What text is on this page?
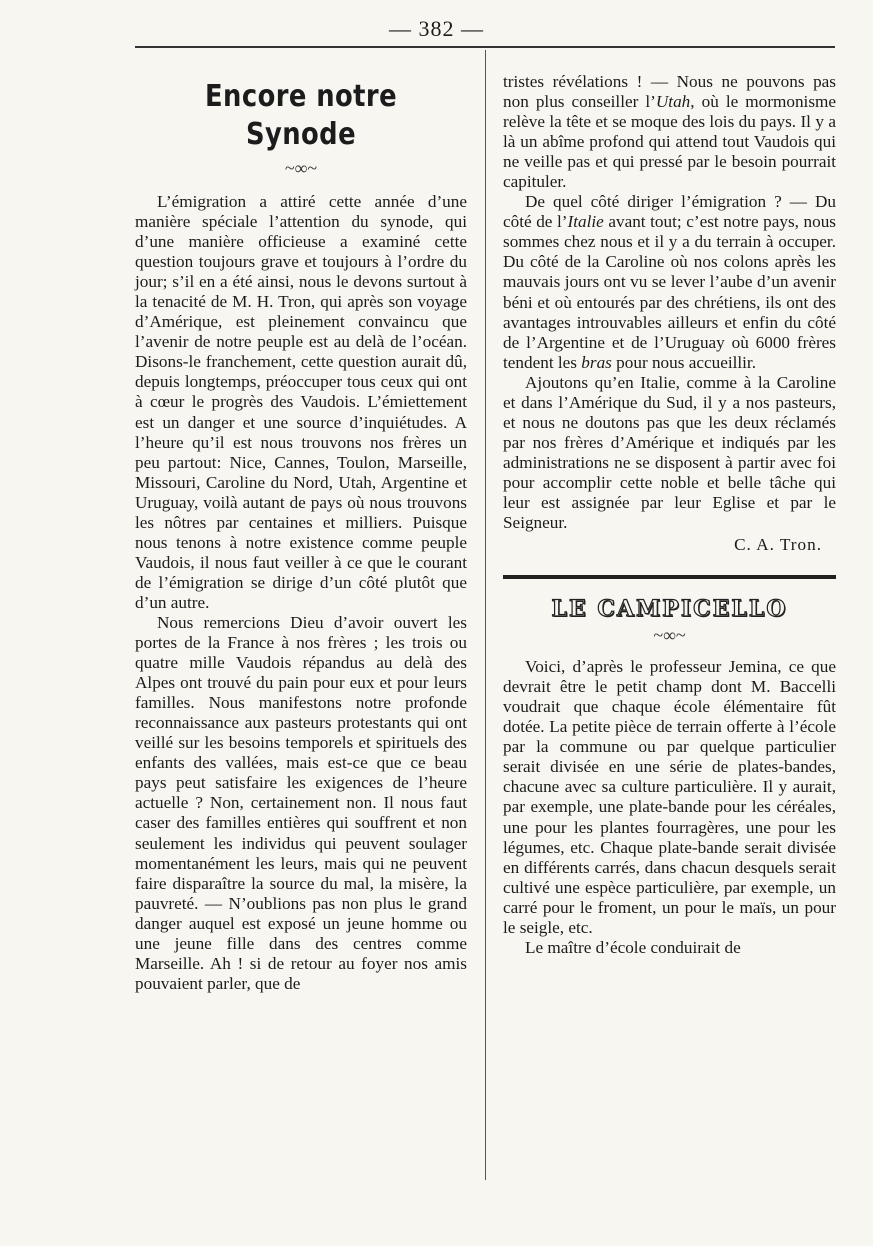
— 382 —
Encore notre Synode
~∞~

L’émigration a attiré cette année d’une manière spéciale l’attention du synode, qui d’une manière officieuse a examiné cette question toujours grave et toujours à l’ordre du jour; s’il en a été ainsi, nous le devons surtout à la tenacité de M. H. Tron, qui après son voyage d’Amérique, est pleinement convaincu que l’avenir de notre peuple est au delà de l’océan. Disons-le franchement, cette question aurait dû, depuis longtemps, préoccuper tous ceux qui ont à cœur le progrès des Vaudois. L’émiettement est un danger et une source d’inquiétudes. A l’heure qu’il est nous trouvons nos frères un peu partout: Nice, Cannes, Toulon, Marseille, Missouri, Caroline du Nord, Utah, Argentine et Uruguay, voilà autant de pays où nous trouvons les nôtres par centaines et milliers. Puisque nous tenons à notre existence comme peuple Vaudois, il nous faut veiller à ce que le courant de l’émigration se dirige d’un côté plutôt que d’un autre.

Nous remercions Dieu d’avoir ouvert les portes de la France à nos frères ; les trois ou quatre mille Vaudois répandus au delà des Alpes ont trouvé du pain pour eux et pour leurs familles. Nous manifestons notre profonde reconnaissance aux pasteurs protestants qui ont veillé sur les besoins temporels et spirituels des enfants des vallées, mais est-ce que ce beau pays peut satisfaire les exigences de l’heure actuelle ? Non, certainement non. Il nous faut caser des familles entières qui souffrent et non seulement les individus qui peuvent soulager momentanément les leurs, mais qui ne peuvent faire disparaître la source du mal, la misère, la pauvreté. — N’oublions pas non plus le grand danger auquel est exposé un jeune homme ou une jeune fille dans des centres comme Marseille. Ah ! si de retour au foyer nos amis pouvaient parler, que de

tristes révélations ! — Nous ne pouvons pas non plus conseiller l’Utah, où le mormonisme relève la tête et se moque des lois du pays. Il y a là un abîme profond qui attend tout Vaudois qui ne veille pas et qui pressé par le besoin pourrait capituler.

De quel côté diriger l’émigration ? — Du côté de l’Italie avant tout; c’est notre pays, nous sommes chez nous et il y a du terrain à occuper. Du côté de la Caroline où nos colons après les mauvais jours ont vu se lever l’aube d’un avenir béni et où entourés par des chrétiens, ils ont des avantages introuvables ailleurs et enfin du côté de l’Argentine et de l’Uruguay où 6000 frères tendent les bras pour nous accueillir.

Ajoutons qu’en Italie, comme à la Caroline et dans l’Amérique du Sud, il y a nos pasteurs, et nous ne doutons pas que les deux réclamés par nos frères d’Amérique et indiqués par les administrations ne se disposent à partir avec foi pour accomplir cette noble et belle tâche qui leur est assignée par leur Eglise et par le Seigneur.

C. A. Tron.
LE CAMPICELLO
~∞~

Voici, d’après le professeur Jemina, ce que devrait être le petit champ dont M. Baccelli voudrait que chaque école élémentaire fût dotée. La petite pièce de terrain offerte à l’école par la commune ou par quelque particulier serait divisée en une série de plates-bandes, chacune avec sa culture particulière. Il y aurait, par exemple, une plate-bande pour les céréales, une pour les plantes fourragères, une pour les légumes, etc. Chaque plate-bande serait divisée en différents carrés, dans chacun desquels serait cultivé une espèce particulière, par exemple, un carré pour le froment, un pour le maïs, un pour le seigle, etc.

Le maître d’école conduirait de
